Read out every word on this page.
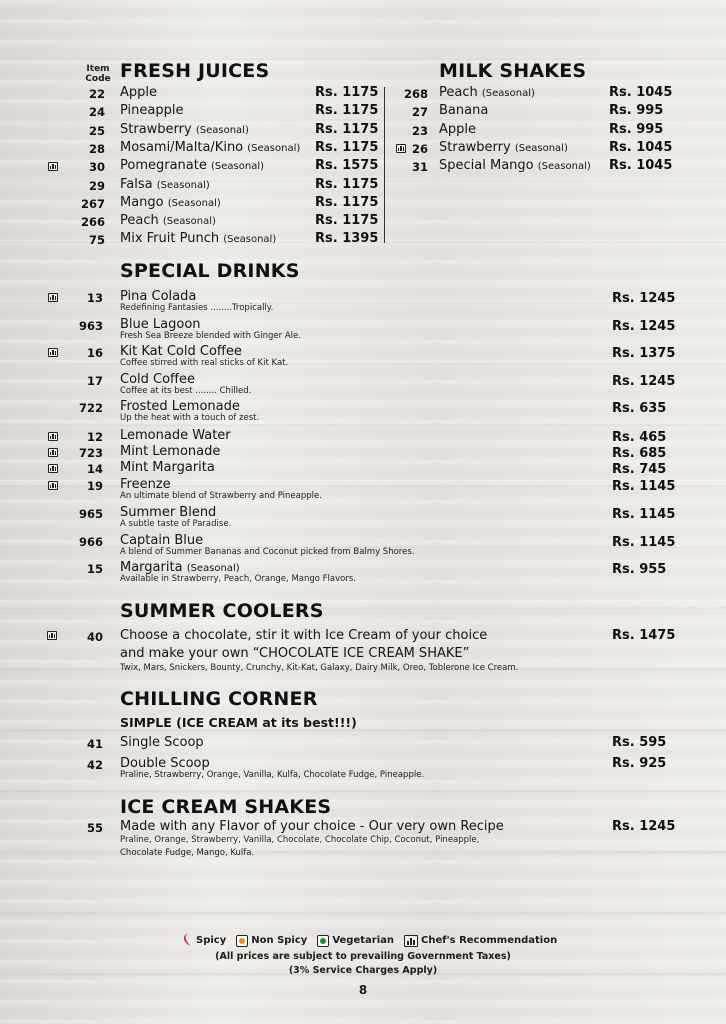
Item
Code FRESH JUICES	MILK SHAKES
22 Apple	Rs. 1175
24 Pineapple	Rs. 1175
25 Strawberry (Seasonal)	Rs. 1175
28 Mosami/Malta/Kino (Seasonal) Rs. 1175
30 Pomegranate (Seasonal)	Rs. 1575
29 Falsa (Seasonal)	Rs. 1175
267 Mango (Seasonal)	Rs. 1175
266 Peach (Seasonal)	Rs. 1175
75 Mix Fruit Punch (Seasonal)	Rs. 1395
268 Peach (Seasonal)	Rs. 1045
27 Banana	Rs. 995
23 Apple	Rs. 995
26 Strawberry (Seasonal)	Rs. 1045
31 Special Mango (Seasonal) Rs. 1045
SPECIAL DRINKS
13 Pina Colada
Redefining Fantasies ........Tropically.
Rs. 1245
963 Blue Lagoon
Fresh Sea Breeze blended with Ginger Ale.
Rs. 1245
16 Kit Kat Cold Coffee
Coffee stirred with real sticks of Kit Kat.
Rs. 1375
17 Cold Coffee
Coffee at its best ........ Chilled.
Rs. 1245
722 Frosted Lemonade
Up the heat with a touch of zest.
Rs. 635
12 Lemonade Water	Rs. 465
723 Mint Lemonade	Rs. 685
14 Mint Margarita	Rs. 745
19 Freenze
An ultimate blend of Strawberry and Pineapple.
Rs. 1145
965 Summer Blend
A subtle taste of Paradise.
Rs. 1145
966 Captain Blue
A blend of Summer Bananas and Coconut picked from Balmy Shores.
Rs. 1145
15 Margarita (Seasonal)
Available in Strawberry, Peach, Orange, Mango Flavors.
Rs. 955
SUMMER COOLERS
40 Choose a chocolate, stir it with Ice Cream of your choice
and make your own “CHOCOLATE ICE CREAM SHAKE”
Twix, Mars, Snickers, Bounty, Crunchy, Kit-Kat, Galaxy, Dairy Milk, Oreo, Toblerone Ice Cream.
Rs. 1475
CHILLING CORNER
SIMPLE (ICE CREAM at its best!!!)
41 Single Scoop	Rs. 595
42 Double Scoop
Praline, Strawberry, Orange, Vanilla, Kulfa, Chocolate Fudge, Pineapple.
Rs. 925
ICE CREAM SHAKES
55 Made with any Flavor of your choice - Our very own Recipe
Praline, Orange, Strawberry, Vanilla, Chocolate, Chocolate Chip, Coconut, Pineapple,
Chocolate Fudge, Mango, Kulfa.
Rs. 1245
Spicy	Non Spicy	Vegetarian	Chef's Recommendation
(All prices are subject to prevailing Government Taxes)
(3% Service Charges Apply)
8
